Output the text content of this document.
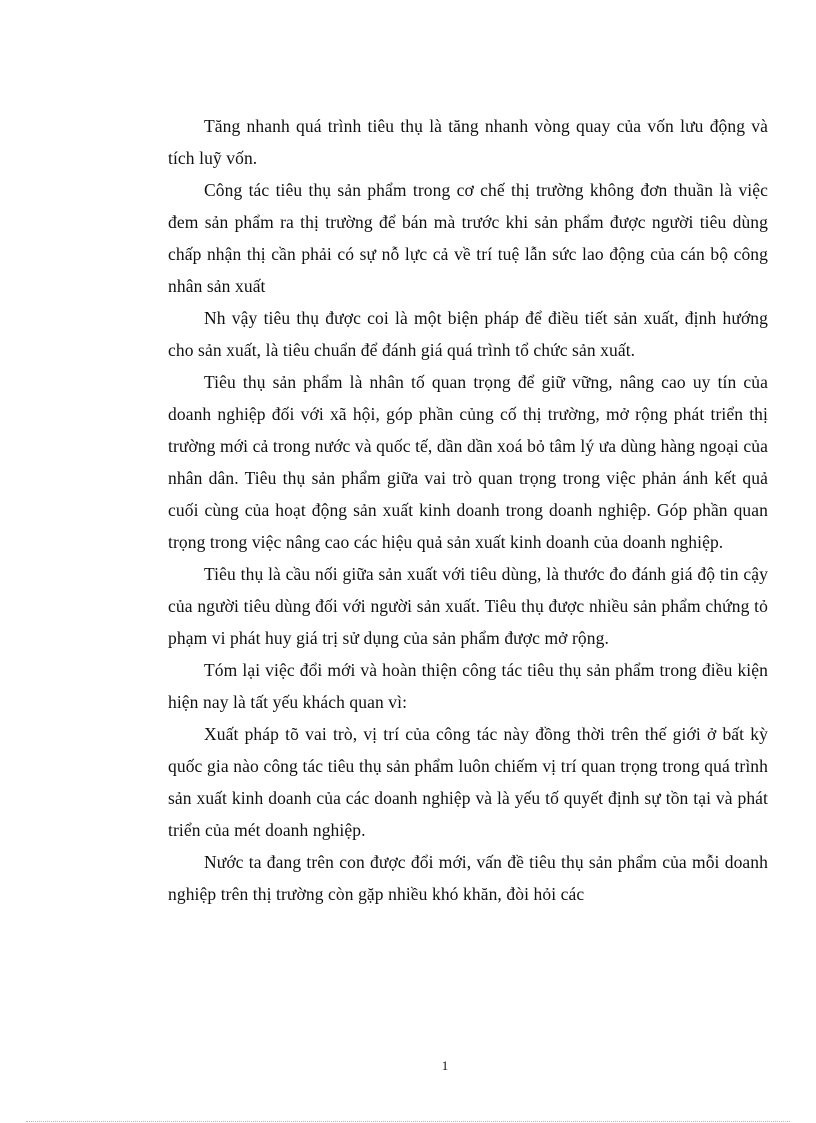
Tăng nhanh quá trình tiêu thụ là tăng nhanh vòng quay của vốn lưu động và tích luỹ vốn.

Công tác tiêu thụ sản phẩm trong cơ chế thị trường không đơn thuần là việc đem sản phẩm ra thị trường để bán mà trước khi sản phẩm được người tiêu dùng chấp nhận thị cần phải có sự nỗ lực cả về trí tuệ lẫn sức lao động của cán bộ công nhân sản xuất

Nh vậy tiêu thụ được coi là một biện pháp để điều tiết sản xuất, định hướng cho sản xuất, là tiêu chuẩn để đánh giá quá trình tổ chức sản xuất.

Tiêu thụ sản phẩm là nhân tố quan trọng để giữ vững, nâng cao uy tín của doanh nghiệp đối với xã hội, góp phần củng cố thị trường, mở rộng phát triển thị trường mới cả trong nước và quốc tế, dần dần xoá bỏ tâm lý ưa dùng hàng ngoại của nhân dân. Tiêu thụ sản phẩm giữa vai trò quan trọng trong việc phản ánh kết quả cuối cùng của hoạt động sản xuất kinh doanh trong doanh nghiệp. Góp phần quan trọng trong việc nâng cao các hiệu quả sản xuất kinh doanh của doanh nghiệp.

Tiêu thụ là cầu nối giữa sản xuất với tiêu dùng, là thước đo đánh giá độ tin cậy của người tiêu dùng đối với người sản xuất. Tiêu thụ được nhiều sản phẩm chứng tỏ phạm vi phát huy giá trị sử dụng của sản phẩm được mở rộng.

Tóm lại việc đổi mới và hoàn thiện công tác tiêu thụ sản phẩm trong điều kiện hiện nay là tất yếu khách quan vì:

Xuất pháp tõ vai trò, vị trí của công tác này đồng thời trên thế giới ở bất kỳ quốc gia nào công tác tiêu thụ sản phẩm luôn chiếm vị trí quan trọng trong quá trình sản xuất kinh doanh của các doanh nghiệp và là yếu tố quyết định sự tồn tại và phát triển của mét doanh nghiệp.

Nước ta đang trên con được đổi mới, vấn đề tiêu thụ sản phẩm của mỗi doanh nghiệp trên thị trường còn gặp nhiều khó khăn, đòi hỏi các

1
